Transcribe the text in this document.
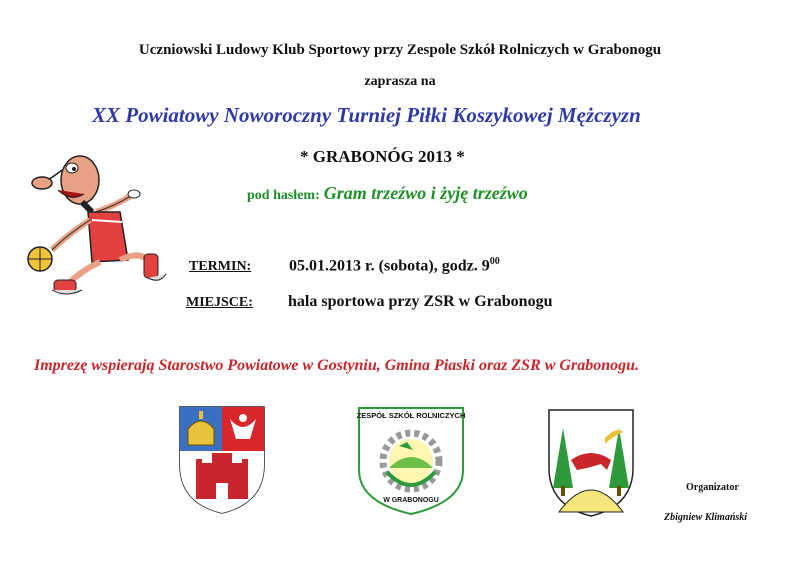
Uczniowski Ludowy Klub Sportowy przy Zespole Szkół Rolniczych w Grabonogu
zaprasza na
XX Powiatowy Noworoczny Turniej Piłki Koszykowej Mężczyzn
* GRABONÓG 2013 *
pod hasłem: Gram trzeźwo i żyję trzeźwo
TERMIN: 05.01.2013 r. (sobota), godz. $9^{00}$
MIEJSCE: hala sportowa przy ZSR w Grabonogu
Imprezę wspierają Starostwo Powiatowe w Gostyniu, Gmina Piaski oraz ZSR w Grabonogu.
ZESPÓŁ SZKÓŁ ROLNICZYCH
W GRABONOGU
Organizator
Zbigniew Klimański
